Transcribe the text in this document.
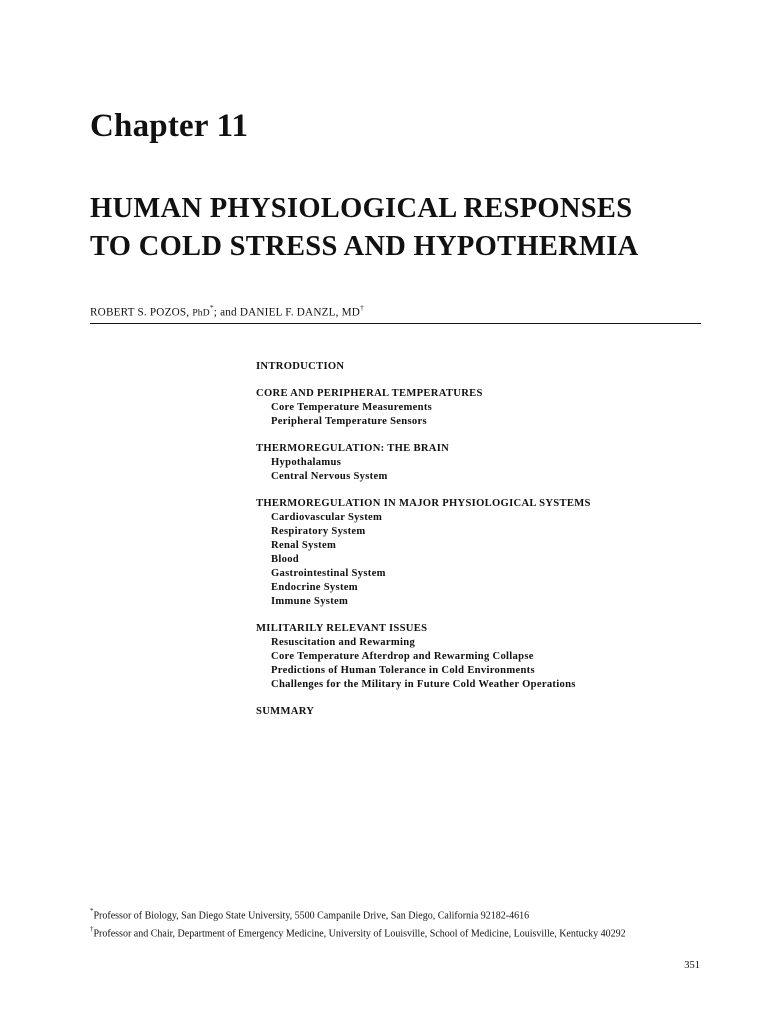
Chapter 11
HUMAN PHYSIOLOGICAL RESPONSES
TO COLD STRESS AND HYPOTHERMIA
ROBERT S. POZOS, PhD*; and DANIEL F. DANZL, MD†
INTRODUCTION
CORE AND PERIPHERAL TEMPERATURES
Core Temperature Measurements
Peripheral Temperature Sensors
THERMOREGULATION: THE BRAIN
Hypothalamus
Central Nervous System
THERMOREGULATION IN MAJOR PHYSIOLOGICAL SYSTEMS
Cardiovascular System
Respiratory System
Renal System
Blood
Gastrointestinal System
Endocrine System
Immune System
MILITARILY RELEVANT ISSUES
Resuscitation and Rewarming
Core Temperature Afterdrop and Rewarming Collapse
Predictions of Human Tolerance in Cold Environments
Challenges for the Military in Future Cold Weather Operations
SUMMARY
*Professor of Biology, San Diego State University, 5500 Campanile Drive, San Diego, California 92182-4616
†Professor and Chair, Department of Emergency Medicine, University of Louisville, School of Medicine, Louisville, Kentucky 40292
351
